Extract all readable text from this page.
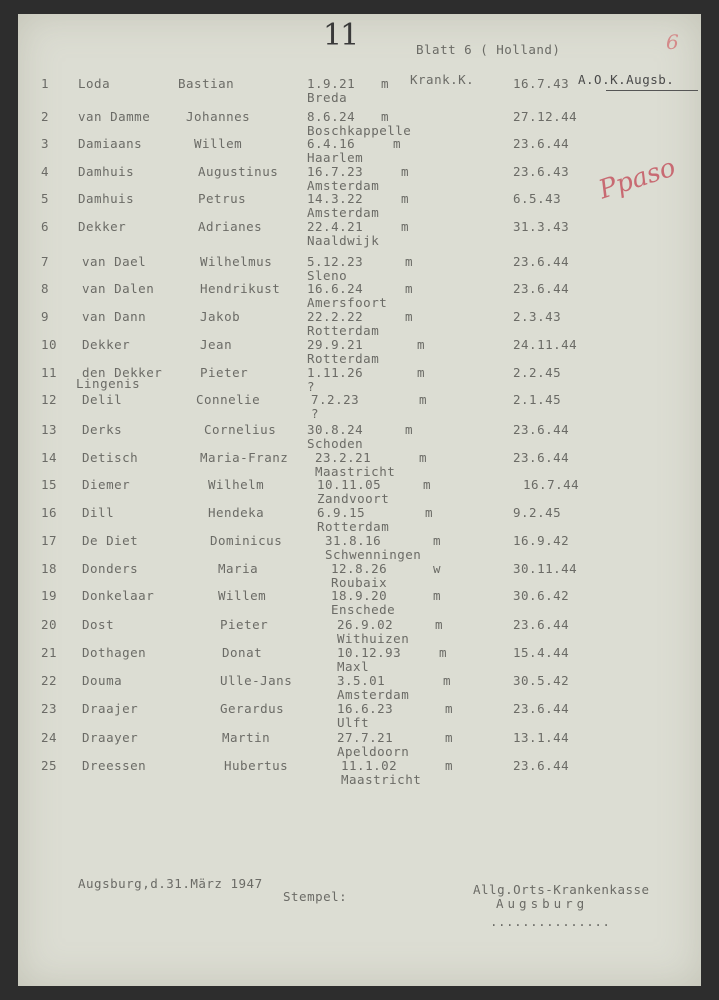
11	Blatt 6 ( Holland)	6
Ppaso
Krank.K.	A.O.K.Augsb.
1 Loda	Bastian	1.9.21 m	16.7.43
Breda
2 van Damme	Johannes	8.6.24 m	27.12.44
Boschkappelle
3 Damiaans	Willem	6.4.16	m	23.6.44
Haarlem
4 Damhuis	Augustinus 16.7.23	m	23.6.43
Amsterdam
5 Damhuis	Petrus	14.3.22	m	6.5.43
Amsterdam
6 Dekker	Adrianes	22.4.21	m	31.3.43
Naaldwijk
7	van Dael	Wilhelmus	5.12.23	m	23.6.44
Sleno
8	van Dalen	Hendrikust 16.6.24	m	23.6.44
Amersfoort
9	van Dann	Jakob	22.2.22	m	2.3.43
Rotterdam
10 Dekker	Jean	29.9.21	m	24.11.44
Rotterdam
11 den Dekker	Pieter	1.11.26	m	2.2.45
?
12 Delil	Connelie	7.2.23	m	2.1.45
?
13 Derks	Cornelius 30.8.24	m	23.6.44
Schoden
14 Detisch	Maria-Franz 23.2.21	m	23.6.44
Maastricht
15 Diemer	Wilhelm	10.11.05	m	16.7.44
Zandvoort
16 Dill	Hendeka	6.9.15	m	9.2.45
Rotterdam
17 De Diet	Dominicus	31.8.16	m	16.9.42
Schwenningen
18 Donders	Maria	12.8.26	w	30.11.44
Roubaix
19 Donkelaar	Willem	18.9.20	m	30.6.42
Enschede
20 Dost	Pieter	26.9.02	m	23.6.44
Withuizen
21 Dothagen	Donat	10.12.93	m	15.4.44
Maxl
22 Douma	Ulle-Jans	3.5.01	m	30.5.42
Amsterdam
23 Draajer	Gerardus	16.6.23	m	23.6.44
Ulft
24 Draayer	Martin	27.7.21	m	13.1.44
Apeldoorn
25 Dreessen	Hubertus	11.1.02	m	23.6.44
Maastricht
Lingenis
Augsburg,d.31.März 1947
Stempel:	Allg.Orts-Krankenkasse
Augsburg
...............
